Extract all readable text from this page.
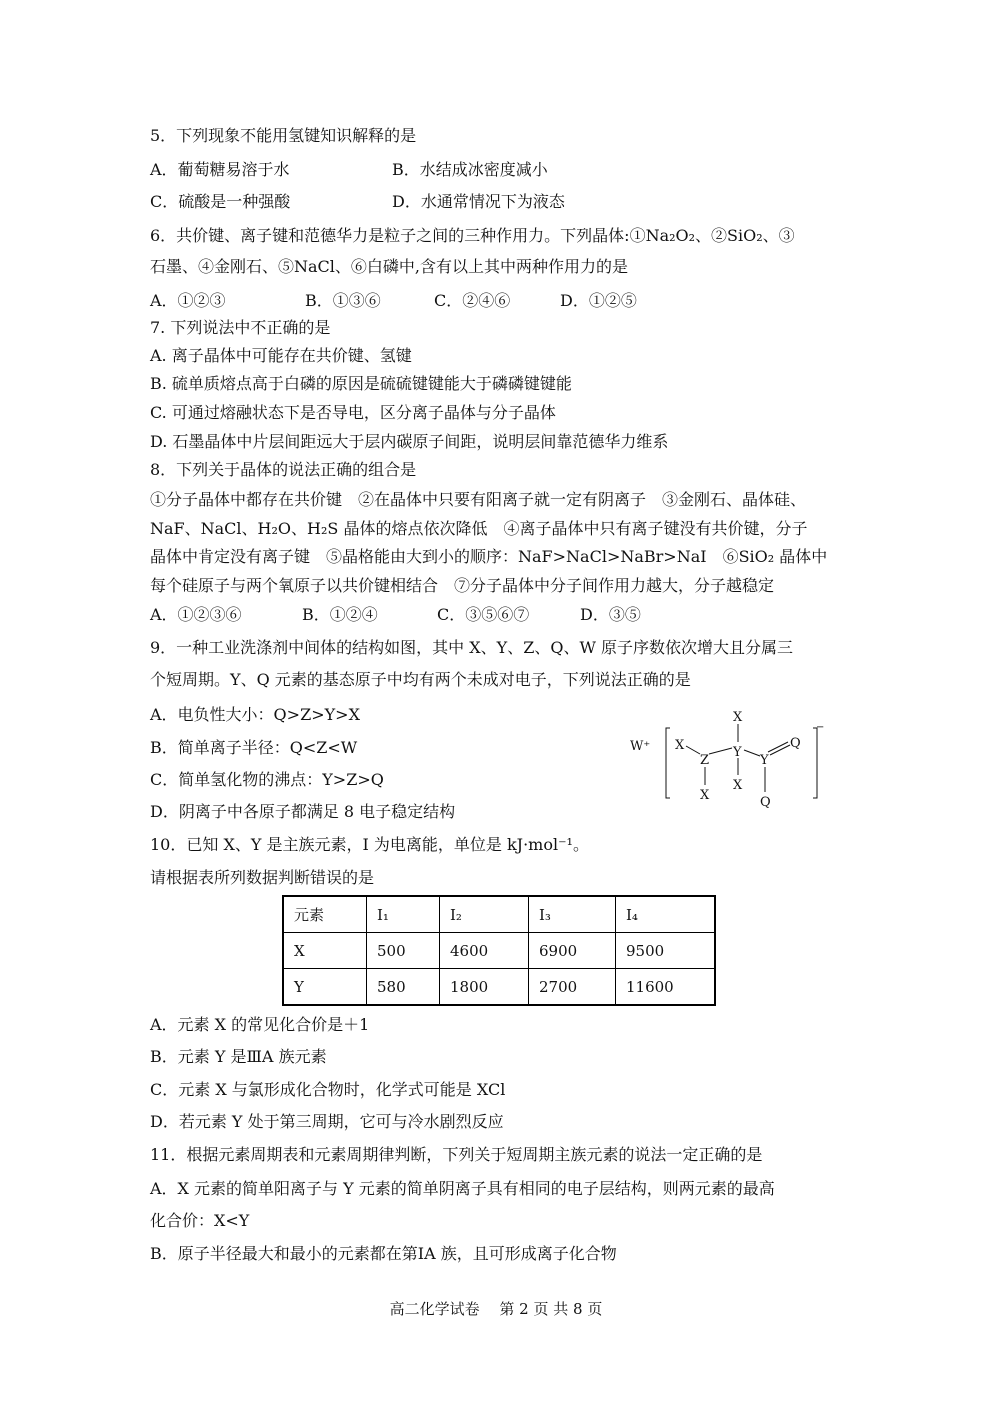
5．下列现象不能用氢键知识解释的是
A．葡萄糖易溶于水	B．水结成冰密度减小
C．硫酸是一种强酸	D．水通常情况下为液态
6．共价键、离子键和范德华力是粒子之间的三种作用力。下列晶体:①Na₂O₂、②SiO₂、③
石墨、④金刚石、⑤NaCl、⑥白磷中,含有以上其中两种作用力的是
A．①②③	B．①③⑥	C．②④⑥	D．①②⑤
7. 下列说法中不正确的是
A. 离子晶体中可能存在共价键、氢键
B. 硫单质熔点高于白磷的原因是硫硫键键能大于磷磷键键能
C. 可通过熔融状态下是否导电，区分离子晶体与分子晶体
D. 石墨晶体中片层间距远大于层内碳原子间距，说明层间靠范德华力维系
8．下列关于晶体的说法正确的组合是
①分子晶体中都存在共价键　②在晶体中只要有阳离子就一定有阴离子　③金刚石、晶体硅、
NaF、NaCl、H₂O、H₂S 晶体的熔点依次降低　④离子晶体中只有离子键没有共价键，分子
晶体中肯定没有离子键　⑤晶格能由大到小的顺序：NaF>NaCl>NaBr>NaI　⑥SiO₂ 晶体中
每个硅原子与两个氧原子以共价键相结合　⑦分子晶体中分子间作用力越大，分子越稳定
A．①②③⑥	B．①②④	C．③⑤⑥⑦	D．③⑤
9．一种工业洗涤剂中间体的结构如图，其中 X、Y、Z、Q、W 原子序数依次增大且分属三
个短周期。Y、Q 元素的基态原子中均有两个未成对电子，下列说法正确的是
A．电负性大小：Q>Z>Y>X
B．简单离子半径：Q<Z<W
C．简单氢化物的沸点：Y>Z>Q
D．阴离子中各原子都满足 8 电子稳定结构
W⁺ X
X
Z
Y
Y
X
X
Q
Q
−
10．已知 X、Y 是主族元素，I 为电离能，单位是 kJ·mol⁻¹。
请根据表所列数据判断错误的是
元素	I₁	I₂	I₃	I₄
X	500	4600	6900	9500
Y	580	1800	2700	11600
A．元素 X 的常见化合价是＋1
B．元素 Y 是ⅢA 族元素
C．元素 X 与氯形成化合物时，化学式可能是 XCl
D．若元素 Y 处于第三周期，它可与冷水剧烈反应
11．根据元素周期表和元素周期律判断，下列关于短周期主族元素的说法一定正确的是
A．X 元素的简单阳离子与 Y 元素的简单阴离子具有相同的电子层结构，则两元素的最高
化合价：X<Y
B．原子半径最大和最小的元素都在第ⅠA 族，且可形成离子化合物
高二化学试卷　 第 2 页 共 8 页
